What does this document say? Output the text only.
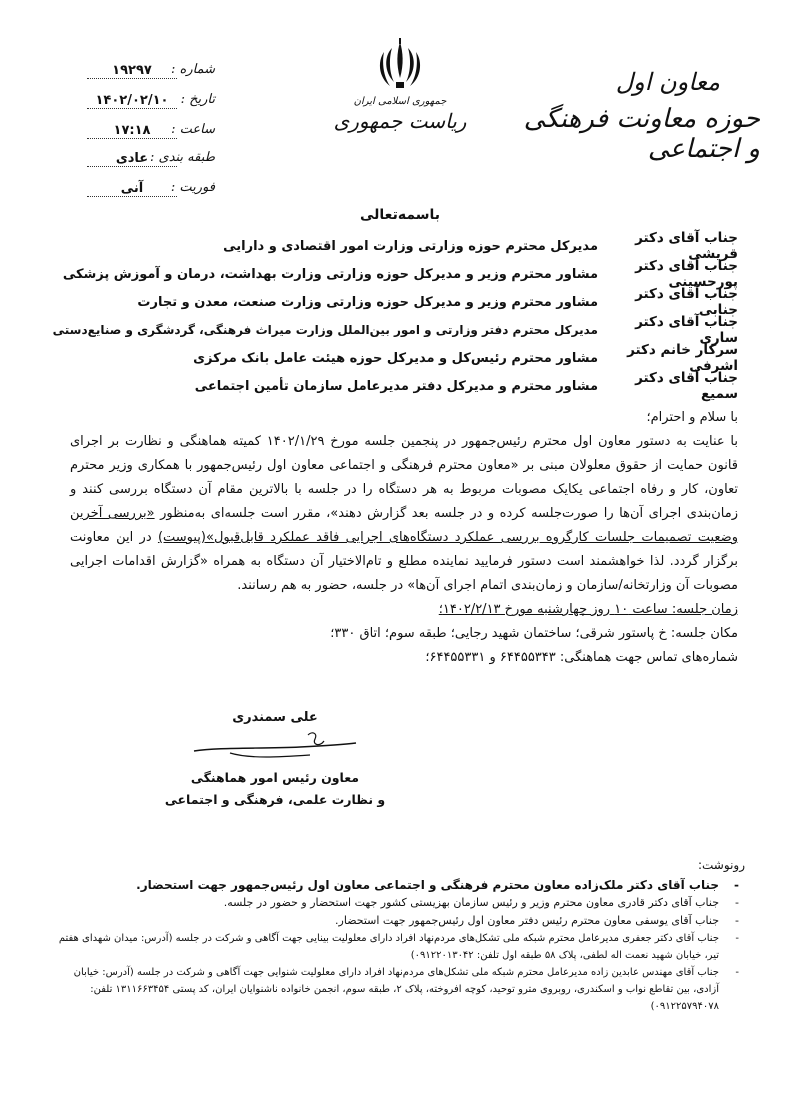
معاون اول
حوزه معاونت فرهنگی و اجتماعی
جمهوری اسلامی ایران
ریاست جمهوری
شماره :
۱۹۲۹۷
تاریخ :
۱۴۰۲/۰۲/۱۰
ساعت :
۱۷:۱۸
طبقه بندی :
عادی
فوریت :
آنی
باسمه‌تعالی
جناب آقای دکتر قریشی
مدیرکل محترم حوزه وزارتی وزارت امور اقتصادی و دارایی
جناب آقای دکتر پورحسینی
مشاور محترم وزیر و مدیرکل حوزه وزارتی وزارت بهداشت، درمان و آموزش پزشکی
جناب آقای دکتر جنابی
مشاور محترم وزیر و مدیرکل حوزه وزارتی وزارت صنعت، معدن و تجارت
جناب آقای دکتر ساری
مدیرکل محترم دفتر وزارتی و امور بین‌الملل وزارت میراث فرهنگی، گردشگری و صنایع‌دستی
سرکار خانم دکتر اشرفی
مشاور محترم رئیس‌کل و مدیرکل حوزه هیئت عامل بانک مرکزی
جناب آقای دکتر سمیع
مشاور محترم و مدیرکل دفتر مدیرعامل سازمان تأمین اجتماعی

با سلام و احترام؛

با عنایت به دستور معاون اول محترم رئیس‌جمهور در پنجمین جلسه مورخ ۱۴۰۲/۱/۲۹ کمیته هماهنگی و نظارت بر اجرای قانون حمایت از حقوق معلولان مبنی بر «معاون محترم فرهنگی و اجتماعی معاون اول رئیس‌جمهور با همکاری وزیر محترم تعاون، کار و رفاه اجتماعی یکایک مصوبات مربوط به هر دستگاه را در جلسه با بالاترین مقام آن دستگاه بررسی کنند و زمان‌بندی اجرای آن‌ها را صورت‌جلسه کرده و در جلسه بعد گزارش دهند»، مقرر است جلسه‌ای به‌منظور «بررسی آخرین وضعیت تصمیمات جلسات کارگروه بررسی عملکرد دستگاه‌های اجرایی فاقد عملکرد قابل‌قبول»(پیوست) در این معاونت برگزار گردد. لذا خواهشمند است دستور فرمایید نماینده مطلع و تام‌الاختیار آن دستگاه به همراه «گزارش اقدامات اجرایی مصوبات آن وزارتخانه/سازمان و زمان‌بندی اتمام اجرای آن‌ها» در جلسه، حضور به هم رسانند.

زمان جلسه: ساعت ۱۰ روز چهارشنبه مورخ ۱۴۰۲/۲/۱۳؛

مکان جلسه: خ پاستور شرقی؛ ساختمان شهید رجایی؛ طبقه سوم؛ اتاق ۳۳۰؛

شماره‌های تماس جهت هماهنگی: ۶۴۴۵۵۳۴۳ و ۶۴۴۵۵۳۳۱؛

علی سمندری
معاون رئیس امور هماهنگی
و نظارت علمی، فرهنگی و اجتماعی
رونوشت:
- جناب آقای دکتر ملک‌زاده معاون محترم فرهنگی و اجتماعی معاون اول رئیس‌جمهور جهت استحضار.
- جناب آقای دکتر قادری معاون محترم وزیر و رئیس سازمان بهزیستی کشور جهت استحضار و حضور در جلسه.
- جناب آقای یوسفی معاون محترم رئیس دفتر معاون اول رئیس‌جمهور جهت استحضار.
- جناب آقای دکتر جعفری مدیرعامل محترم شبکه ملی تشکل‌های مردم‌نهاد افراد دارای معلولیت بینایی جهت آگاهی و شرکت در جلسه (آدرس: میدان شهدای هفتم تیر، خیابان شهید نعمت اله لطفی، پلاک ۵۸ طبقه اول تلفن: ۰۹۱۲۲۰۱۳۰۴۲)
- جناب آقای مهندس عابدین زاده مدیرعامل محترم شبکه ملی تشکل‌های مردم‌نهاد افراد دارای معلولیت شنوایی جهت آگاهی و شرکت در جلسه (آدرس: خیابان آزادی، بین تقاطع نواب و اسکندری، روبروی مترو توحید، کوچه افروخته، پلاک ۲، طبقه سوم، انجمن خانواده ناشنوایان ایران، کد پستی ۱۳۱۱۶۶۳۴۵۴ تلفن: ۰۹۱۲۲۵۷۹۴۰۷۸)
